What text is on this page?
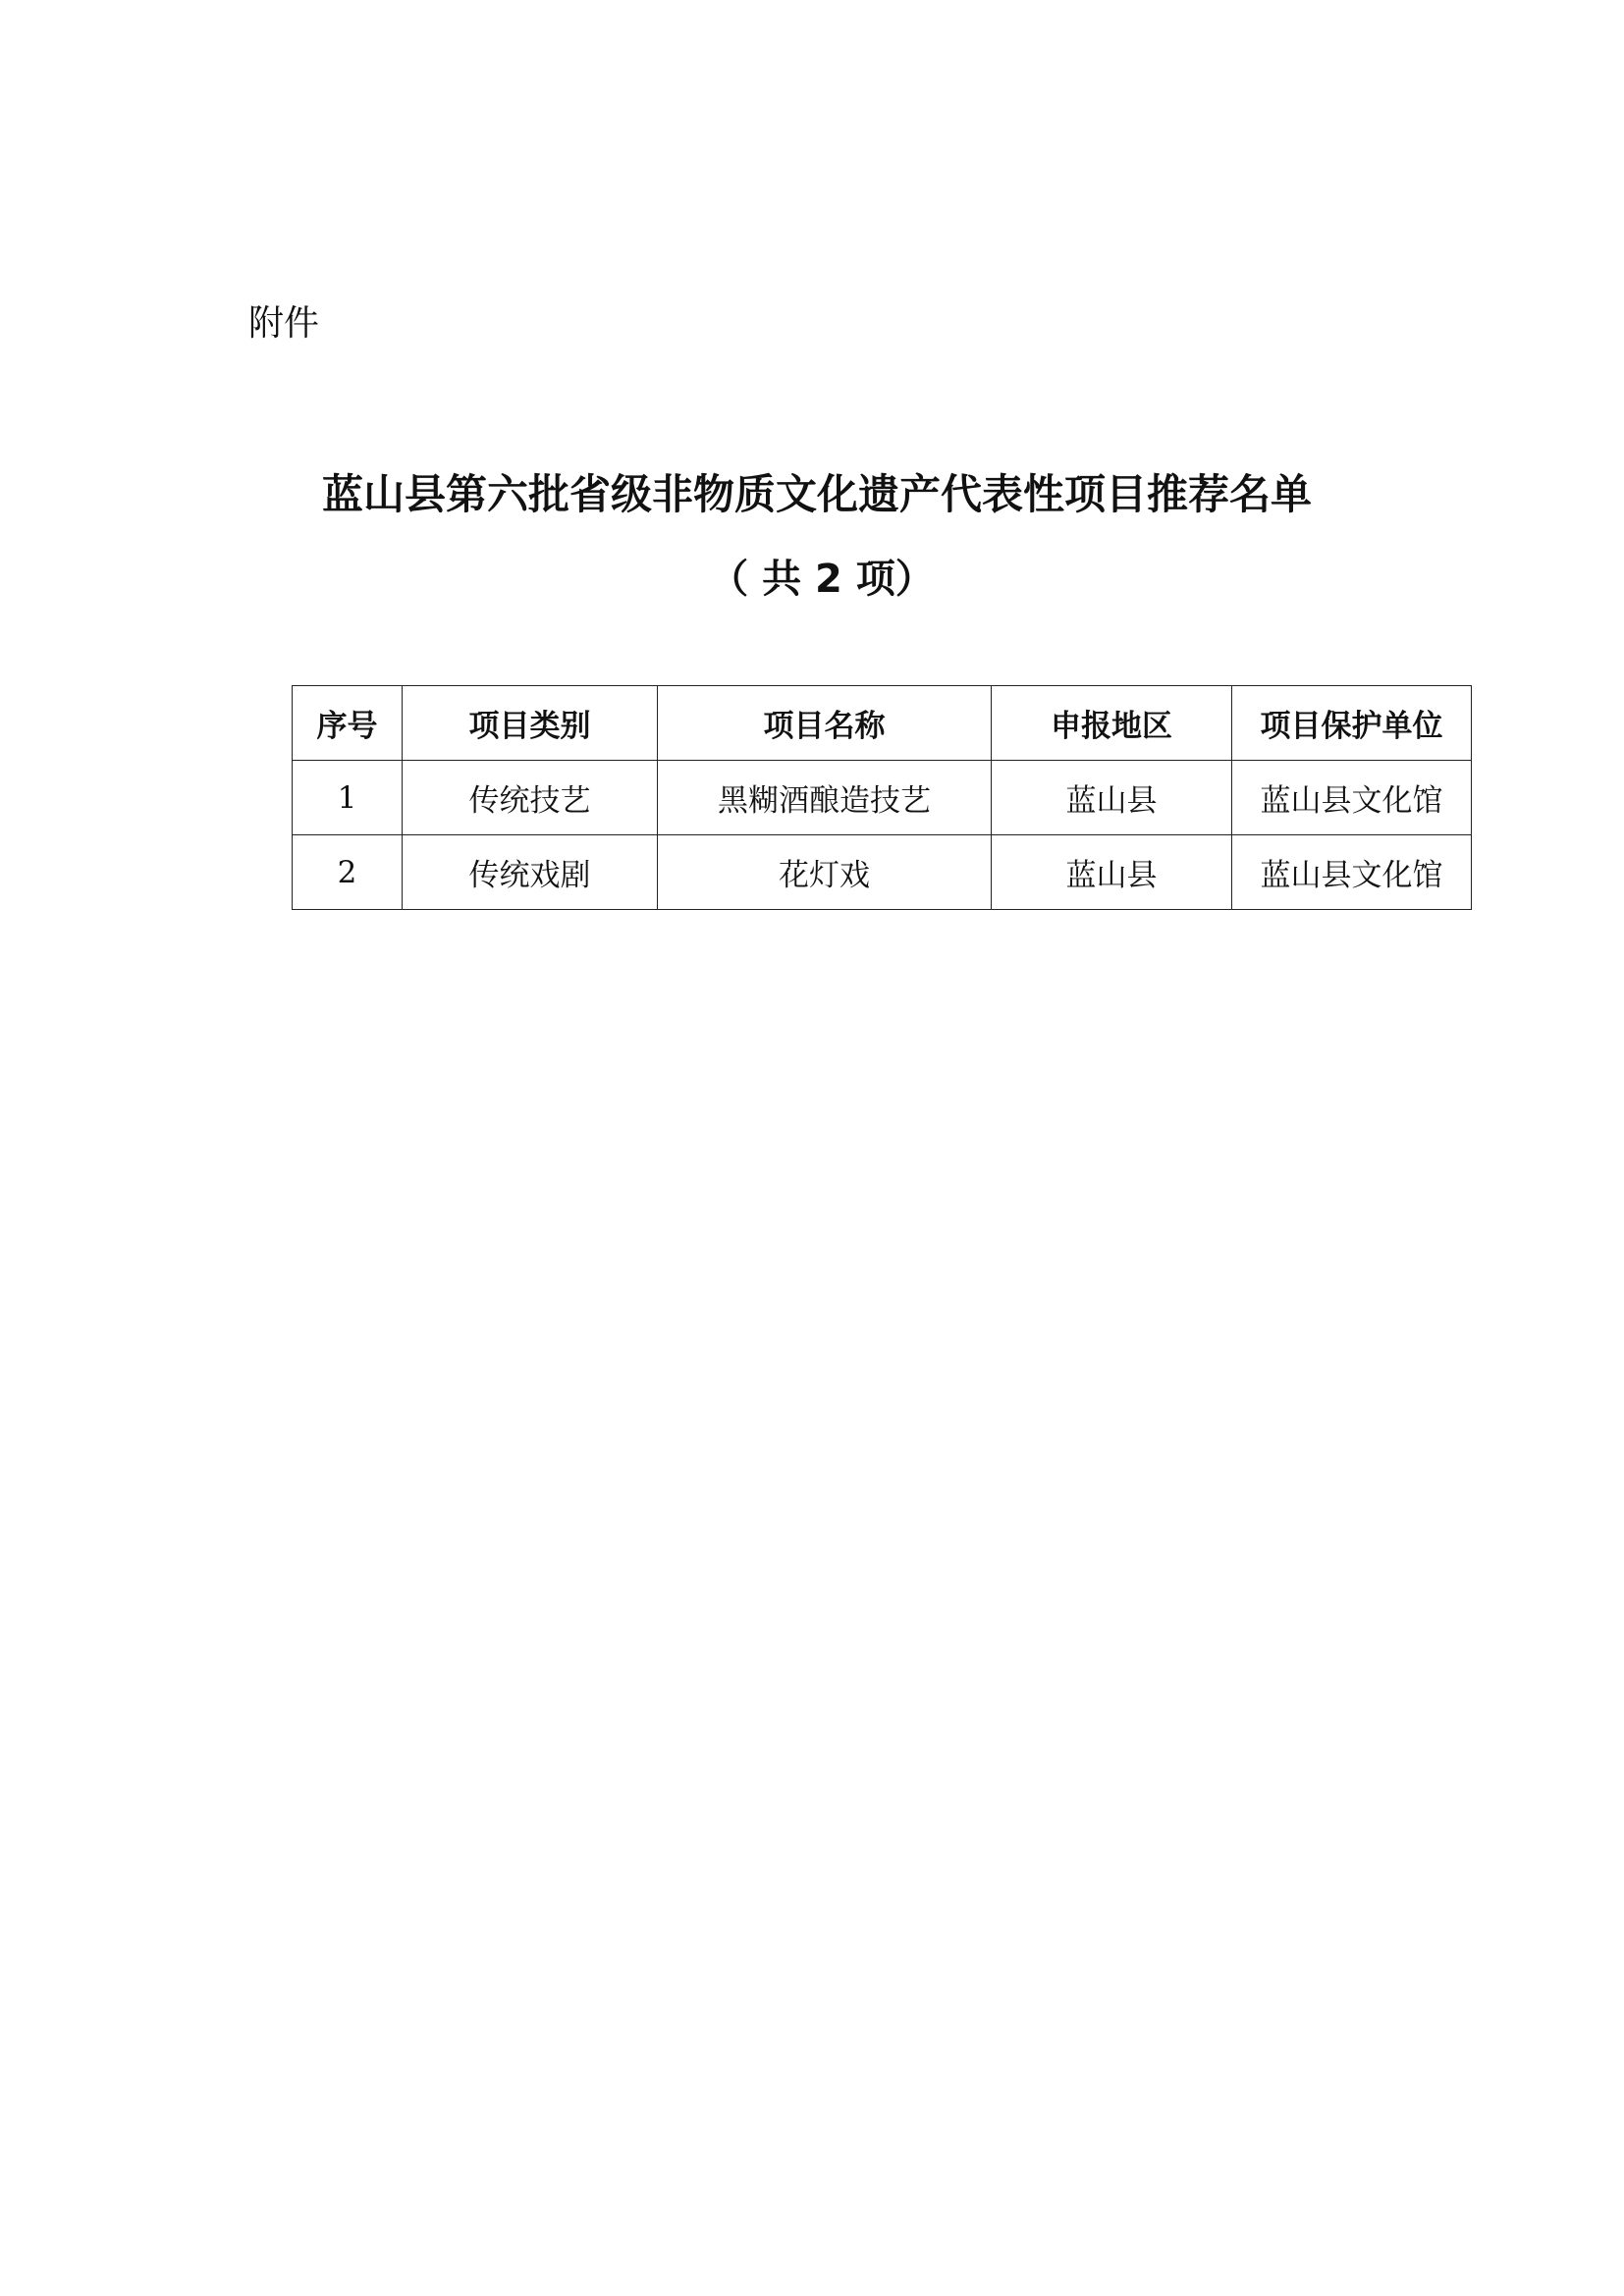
附件
蓝山县第六批省级非物质文化遗产代表性项目推荐名单
（ 共 2 项）
序号	项目类别	项目名称	申报地区	项目保护单位
1	传统技艺	黑糊酒酿造技艺	蓝山县	蓝山县文化馆
2	传统戏剧	花灯戏	蓝山县	蓝山县文化馆
